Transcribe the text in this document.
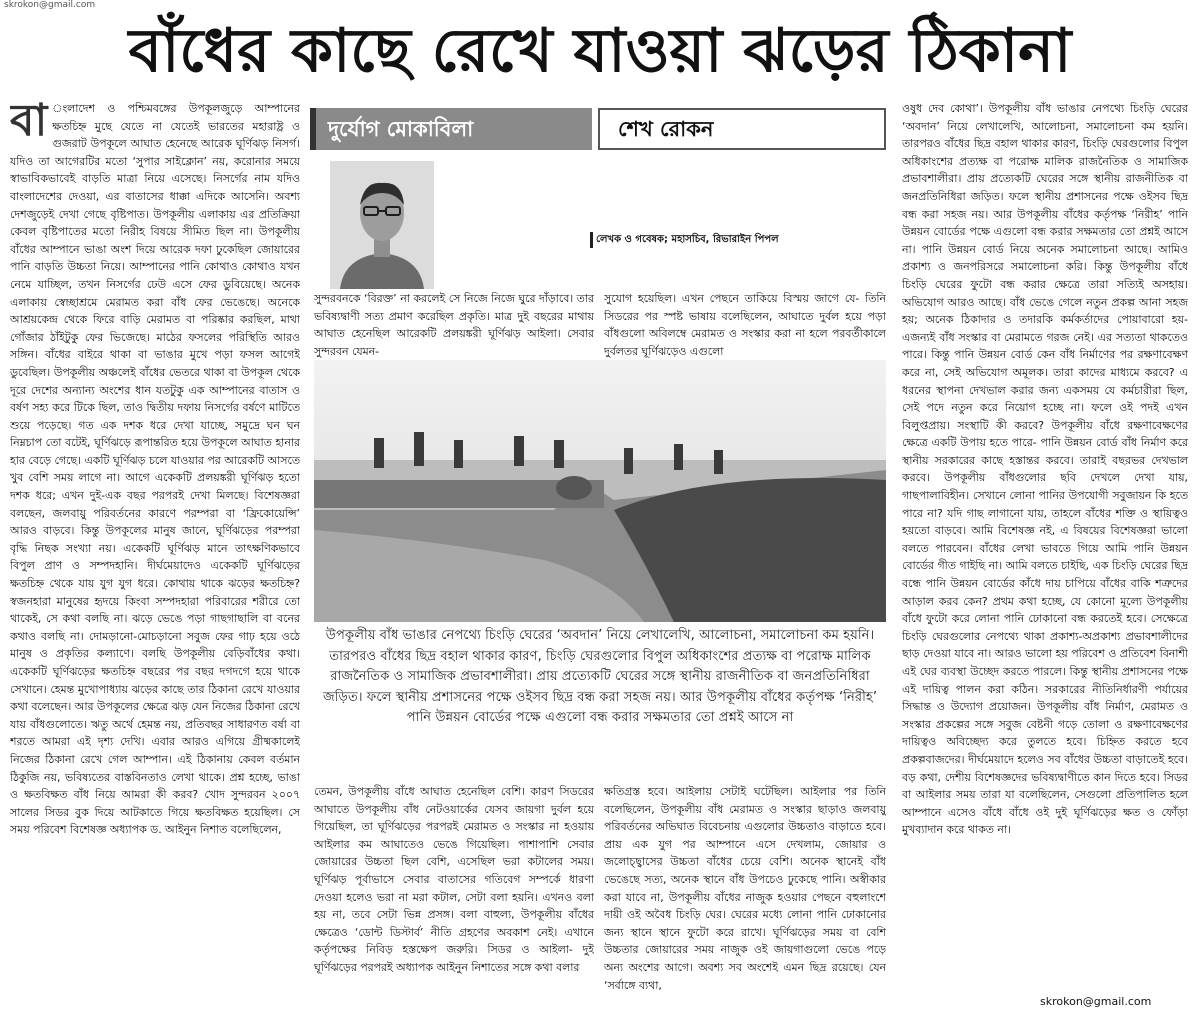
skrokon@gmail.com
বাঁধের কাছে রেখে যাওয়া ঝড়ের ঠিকানা
বা ংলাদেশ ও পশ্চিমবঙ্গের উপকূলজুড়ে আম্পানের ক্ষতচিহ্ন মুছে যেতে না যেতেই ভারতের মহারাষ্ট্র ও গুজরাট উপকূলে আঘাত হেনেছে আরেক ঘূর্ণিঝড় নিসর্গ। যদিও তা আগেরটির মতো ‘সুপার সাইক্লোন’ নয়, করোনার সময়ে স্বাভাবিকভাবেই বাড়তি মাত্রা নিয়ে এসেছে। নিসর্গের নাম যদিও বাংলাদেশের দেওয়া, এর বাতাসের ধাক্কা এদিকে আসেনি। অবশ্য দেশজুড়েই দেখা গেছে বৃষ্টিপাত। উপকূলীয় এলাকায় এর প্রতিক্রিয়া কেবল বৃষ্টিপাতের মতো নিরীহ বিষয়ে সীমিত ছিল না। উপকূলীয় বাঁধের আম্পানে ভাঙা অংশ দিয়ে আরেক দফা ঢুকেছিল জোয়ারের পানি বাড়তি উচ্চতা নিয়ে। আম্পানের পানি কোথাও কোথাও যখন নেমে যাচ্ছিল, তখন নিসর্গের ঢেউ এসে ফের ডুবিয়েছে। অনেক এলাকায় স্বেচ্ছাশ্রমে মেরামত করা বাঁধ ফের ভেঙেছে। অনেকে আশ্রয়কেন্দ্র থেকে ফিরে বাড়ি মেরামত বা পরিষ্কার করছিল, মাথা গোঁজার ঠাঁইটুকু ফের ভিজেছে। মাঠের ফসলের পরিস্থিতি আরও সঙ্গিন। বাঁধের বাইরে থাকা বা ভাঙার মুখে পড়া ফসল আগেই ডুবেছিল। উপকূলীয় অঞ্চলেই বাঁধের ভেতরে থাকা বা উপকূল থেকে দূরে দেশের অন্যান্য অংশের ধান যতটুকু এক আম্পানের বাতাস ও বর্ষণ সহ্য করে টিকে ছিল, তাও দ্বিতীয় দফায় নিসর্গের বর্ষণে মাটিতে শুয়ে পড়েছে। গত এক দশক ধরে দেখা যাচ্ছে, সমুদ্রে ঘন ঘন নিম্নচাপ তো বটেই, ঘূর্ণিঝড়ে রূপান্তরিত হয়ে উপকূলে আঘাত হানার হার বেড়ে গেছে। একটি ঘূর্ণিঝড় চলে যাওয়ার পর আরেকটি আসতে খুব বেশি সময় লাগে না। আগে একেকটি প্রলয়ঙ্করী ঘূর্ণিঝড় হতো দশক ধরে; এখন দুই-এক বছর পরপরই দেখা মিলছে। বিশেষজ্ঞরা বলছেন, জলবায়ু পরিবর্তনের কারণে পরম্পরা বা ‘ফ্রিকোয়েন্সি’ আরও বাড়বে। কিন্তু উপকূলের মানুষ জানে, ঘূর্ণিঝড়ের পরম্পরা বৃদ্ধি নিছক সংখ্যা নয়। একেকটি ঘূর্ণিঝড় মানে তাৎক্ষণিকভাবে বিপুল প্রাণ ও সম্পদহানি। দীর্ঘমেয়াদেও একেকটি ঘূর্ণিঝড়ের ক্ষতচিহ্ন থেকে যায় যুগ যুগ ধরে। কোথায় থাকে ঝড়ের ক্ষতচিহ্ন? স্বজনহারা মানুষের হৃদয়ে কিংবা সম্পদহারা পরিবারের শরীরে তো থাকেই, সে কথা বলছি না। ঝড়ে ভেঙে পড়া গাছগাছালি বা বনের কথাও বলছি না। দোমড়ানো-মোচড়ানো সবুজ ফের গাঢ় হয়ে ওঠে মানুষ ও প্রকৃতির কল্যাণে। বলছি উপকূলীয় বেড়িবাঁধের কথা। একেকটি ঘূর্ণিঝড়ের ক্ষতচিহ্ন বছরের পর বছর দগদগে হয়ে থাকে সেখানে। হেমন্ত মুখোপাধ্যায় ঝড়ের কাছে তার ঠিকানা রেখে যাওয়ার কথা বলেছেন। আর উপকূলের ক্ষেত্রে ঝড় যেন নিজের ঠিকানা রেখে যায় বাঁধগুলোতে। ঋতু অর্থে হেমন্ত নয়, প্রতিবছর সাধারণত বর্ষা বা শরতে আমরা এই দৃশ্য দেখি। এবার আরও এগিয়ে গ্রীষ্মকালেই নিজের ঠিকানা রেখে গেল আম্পান। এই ঠিকানায় কেবল বর্তমান ঠিকুজি নয়, ভবিষ্যতের বাস্তবিনতাও লেখা থাকে। প্রশ্ন হচ্ছে, ভাঙা ও ক্ষতবিক্ষত বাঁধ নিয়ে আমরা কী করব? খোদ সুন্দরবন ২০০৭ সালের সিডর বুক দিয়ে আটকাতে গিয়ে ক্ষতবিক্ষত হয়েছিল। সে সময় পরিবেশ বিশেষজ্ঞ অধ্যাপক ড. আইনুন নিশাত বলেছিলেন,
দুর্যোগ মোকাবিলা	শেখ রোকন
লেখক ও গবেষক; মহাসচিব, রিভারাইন পিপল
সুন্দরবনকে ‘বিরক্ত’ না করলেই সে নিজে নিজে ঘুরে দাঁড়াবে। তার ভবিষ্যদ্বাণী সত্য প্রমাণ করেছিল প্রকৃতি। মাত্র দুই বছরের মাথায় আঘাত হেনেছিল আরেকটি প্রলয়ঙ্করী ঘূর্ণিঝড় আইলা। সেবার সুন্দরবন যেমন-
সুযোগ হয়েছিল। এখন পেছনে তাকিয়ে বিস্ময় জাগে যে- তিনি সিডরের পর স্পষ্ট ভাষায় বলেছিলেন, আঘাতে দুর্বল হয়ে পড়া বাঁধগুলো অবিলম্বে মেরামত ও সংস্কার করা না হলে পরবর্তীকালে দুর্বলতর ঘূর্ণিঝড়েও এগুলো
উপকূলীয় বাঁধ ভাঙার নেপথ্যে চিংড়ি ঘেরের ‘অবদান’ নিয়ে লেখালেখি, আলোচনা, সমালোচনা কম হয়নি। তারপরও বাঁধের ছিদ্র বহাল থাকার কারণ, চিংড়ি ঘেরগুলোর বিপুল অধিকাংশের প্রত্যক্ষ বা পরোক্ষ মালিক রাজনৈতিক ও সামাজিক প্রভাবশালীরা। প্রায় প্রত্যেকটি ঘেরের সঙ্গে স্থানীয় রাজনীতিক বা জনপ্রতিনিধিরা জড়িত। ফলে স্থানীয় প্রশাসনের পক্ষে ওইসব ছিদ্র বন্ধ করা সহজ নয়। আর উপকূলীয় বাঁধের কর্তৃপক্ষ ‘নিরীহ’ পানি উন্নয়ন বোর্ডের পক্ষে এগুলো বন্ধ করার সক্ষমতার তো প্রশ্নই আসে না
তেমন, উপকূলীয় বাঁধে আঘাত হেনেছিল বেশি। কারণ সিডরের আঘাতে উপকূলীয় বাঁধ নেটওয়ার্কের যেসব জায়গা দুর্বল হয়ে গিয়েছিল, তা ঘূর্ণিঝড়ের পরপরই মেরামত ও সংস্কার না হওয়ায় আইলার কম আঘাতেও ভেঙে গিয়েছিল। পাশাপাশি সেবার জোয়ারের উচ্চতা ছিল বেশি, এসেছিল ভরা কটালের সময়। ঘূর্ণিঝড় পূর্বাভাসে সেবার বাতাসের গতিবেগ সম্পর্কে ধারণা দেওয়া হলেও ভরা না মরা কটাল, সেটা বলা হয়নি। এখনও বলা হয় না, তবে সেটা ভিন্ন প্রসঙ্গ। বলা বাহুল্য, উপকূলীয় বাঁধের ক্ষেত্রেও ‘ডোন্ট ডিস্টার্ব’ নীতি গ্রহণের অবকাশ নেই। এখানে কর্তৃপক্ষের নিবিড় হস্তক্ষেপ জরুরি। সিডর ও আইলা- দুই ঘূর্ণিঝড়ের পরপরই অধ্যাপক আইনুন নিশাতের সঙ্গে কথা বলার
ক্ষতিগ্রস্ত হবে। আইলায় সেটাই ঘটেছিল। আইলার পর তিনি বলেছিলেন, উপকূলীয় বাঁধ মেরামত ও সংস্কার ছাড়াও জলবায়ু পরিবর্তনের অভিঘাত বিবেচনায় এগুলোর উচ্চতাও বাড়াতে হবে। প্রায় এক যুগ পর আম্পানে এসে দেখলাম, জোয়ার ও জলোচ্ছ্বাসের উচ্চতা বাঁধের চেয়ে বেশি। অনেক স্থানেই বাঁধ ভেঙেছে সত্য, অনেক স্থানে বাঁধ উপচেও ঢুকেছে পানি। অস্বীকার করা যাবে না, উপকূলীয় বাঁধের নাজুক হওয়ার পেছনে বহুলাংশে দায়ী ওই অবৈধ চিংড়ি ঘের। ঘেরের মধ্যে লোনা পানি ঢোকানোর জন্য স্থানে স্থানে ফুটো করে রাখে। ঘূর্ণিঝড়ের সময় বা বেশি উচ্চতার জোয়ারের সময় নাজুক ওই জায়গাগুলো ভেঙে পড়ে অন্য অংশের আগে। অবশ্য সব অংশেই এমন ছিদ্র রয়েছে। যেন ‘সর্বাঙ্গে ব্যথা,
ওষুধ দেব কোথা’। উপকূলীয় বাঁধ ভাঙার নেপথ্যে চিংড়ি ঘেরের ‘অবদান’ নিয়ে লেখালেখি, আলোচনা, সমালোচনা কম হয়নি। তারপরও বাঁধের ছিদ্র বহাল থাকার কারণ, চিংড়ি ঘেরগুলোর বিপুল অধিকাংশের প্রত্যক্ষ বা পরোক্ষ মালিক রাজনৈতিক ও সামাজিক প্রভাবশালীরা। প্রায় প্রত্যেকটি ঘেরের সঙ্গে স্থানীয় রাজনীতিক বা জনপ্রতিনিধিরা জড়িত। ফলে স্থানীয় প্রশাসনের পক্ষে ওইসব ছিদ্র বন্ধ করা সহজ নয়। আর উপকূলীয় বাঁধের কর্তৃপক্ষ ‘নিরীহ’ পানি উন্নয়ন বোর্ডের পক্ষে এগুলো বন্ধ করার সক্ষমতার তো প্রশ্নই আসে না। পানি উন্নয়ন বোর্ড নিয়ে অনেক সমালোচনা আছে। আমিও প্রকাশ্য ও জনপরিসরে সমালোচনা করি। কিন্তু উপকূলীয় বাঁধে চিংড়ি ঘেরের ফুটো বন্ধ করার ক্ষেত্রে তারা সত্যিই অসহায়। অভিযোগ আরও আছে। বাঁধ ভেঙে গেলে নতুন প্রকল্প আনা সহজ হয়; অনেক ঠিকাদার ও তদারকি কর্মকর্তাদের পোয়াবারো হয়- এজন্যই বাঁধ সংস্কার বা মেরামতে গরজ নেই। এর সত্যতা থাকতেও পারে। কিন্তু পানি উন্নয়ন বোর্ড কেন বাঁধ নির্মাণের পর রক্ষণাবেক্ষণ করে না, সেই অভিযোগ অমূলক। তারা কাদের মাধ্যমে করবে? এ ধরনের স্থাপনা দেখভাল করার জন্য একসময় যে কর্মচারীরা ছিল, সেই পদে নতুন করে নিয়োগ হচ্ছে না। ফলে ওই পদই এখন বিলুপ্তপ্রায়। সংস্থাটি কী করবে? উপকূলীয় বাঁধে রক্ষণাবেক্ষণের ক্ষেত্রে একটি উপায় হতে পারে- পানি উন্নয়ন বোর্ড বাঁধ নির্মাণ করে স্থানীয় সরকারের কাছে হস্তান্তর করবে। তারাই বছরভর দেখভাল করবে। উপকূলীয় বাঁধগুলোর ছবি দেখলে দেখা যায়, গাছপালাবিহীন। সেখানে লোনা পানির উপযোগী সবুজায়ন কি হতে পারে না? যদি গাছ লাগানো যায়, তাহলে বাঁধের শক্তি ও স্থায়িত্বও হয়তো বাড়বে। আমি বিশেষজ্ঞ নই, এ বিষয়ের বিশেষজ্ঞরা ভালো বলতে পারবেন। বাঁধের লেখা ভাবতে গিয়ে আমি পানি উন্নয়ন বোর্ডের গীত গাইছি না। আমি বলতে চাইছি, এক চিংড়ি ঘেরের ছিদ্র বন্ধে পানি উন্নয়ন বোর্ডের কাঁধে দায় চাপিয়ে বাঁধের বাকি শত্রুদের আড়াল করব কেন? প্রথম কথা হচ্ছে, যে কোনো মূল্যে উপকূলীয় বাঁধে ফুটো করে লোনা পানি ঢোকানো বন্ধ করতেই হবে। সেক্ষেত্রে চিংড়ি ঘেরগুলোর নেপথ্যে থাকা প্রকাশ্য-অপ্রকাশ্য প্রভাবশালীদের ছাড় দেওয়া যাবে না। আরও ভালো হয় পরিবেশ ও প্রতিবেশ বিনাশী এই ঘের ব্যবস্থা উচ্ছেদ করতে পারলে। কিন্তু স্থানীয় প্রশাসনের পক্ষে এই দায়িত্ব পালন করা কঠিন। সরকারের নীতিনির্ধারণী পর্যায়ের সিদ্ধান্ত ও উদ্যোগ প্রয়োজন। উপকূলীয় বাঁধ নির্মাণ, মেরামত ও সংস্কার প্রকল্পের সঙ্গে সবুজ বেষ্টনী গড়ে তোলা ও রক্ষণাবেক্ষণের দায়িত্বও অবিচ্ছেদ্য করে তুলতে হবে। চিহ্নিত করতে হবে প্রকল্পবাজদের। দীর্ঘমেয়াদে হলেও সব বাঁধের উচ্চতা বাড়াতেই হবে। বড় কথা, দেশীয় বিশেষজ্ঞদের ভবিষ্যদ্বাণীতে কান দিতে হবে। সিডর বা আইলার সময় তারা যা বলেছিলেন, সেগুলো প্রতিপালিত হলে আম্পানে এসেও বাঁধে বাঁধে ওই দুই ঘূর্ণিঝড়ের ক্ষত ও ফোঁড়া মুখব্যাদান করে থাকত না।
skrokon@gmail.com
